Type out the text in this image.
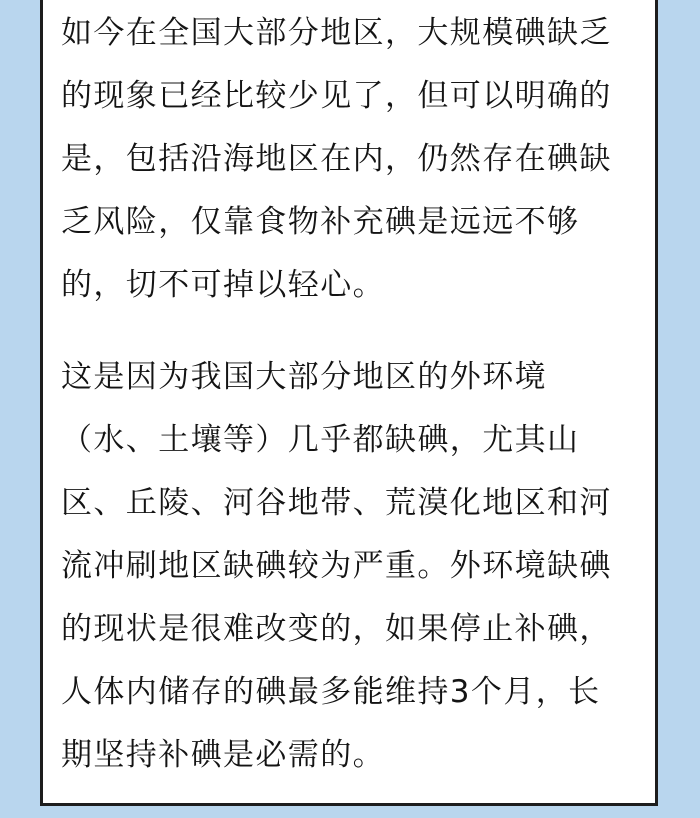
如今在全国大部分地区，大规模碘缺乏
的现象已经比较少见了，但可以明确的
是，包括沿海地区在内，仍然存在碘缺
乏风险，仅靠食物补充碘是远远不够
的，切不可掉以轻心。
这是因为我国大部分地区的外环境
（水、土壤等）几乎都缺碘，尤其山
区、丘陵、河谷地带、荒漠化地区和河
流冲刷地区缺碘较为严重。外环境缺碘
的现状是很难改变的，如果停止补碘，
人体内储存的碘最多能维持3个月，长
期坚持补碘是必需的。
